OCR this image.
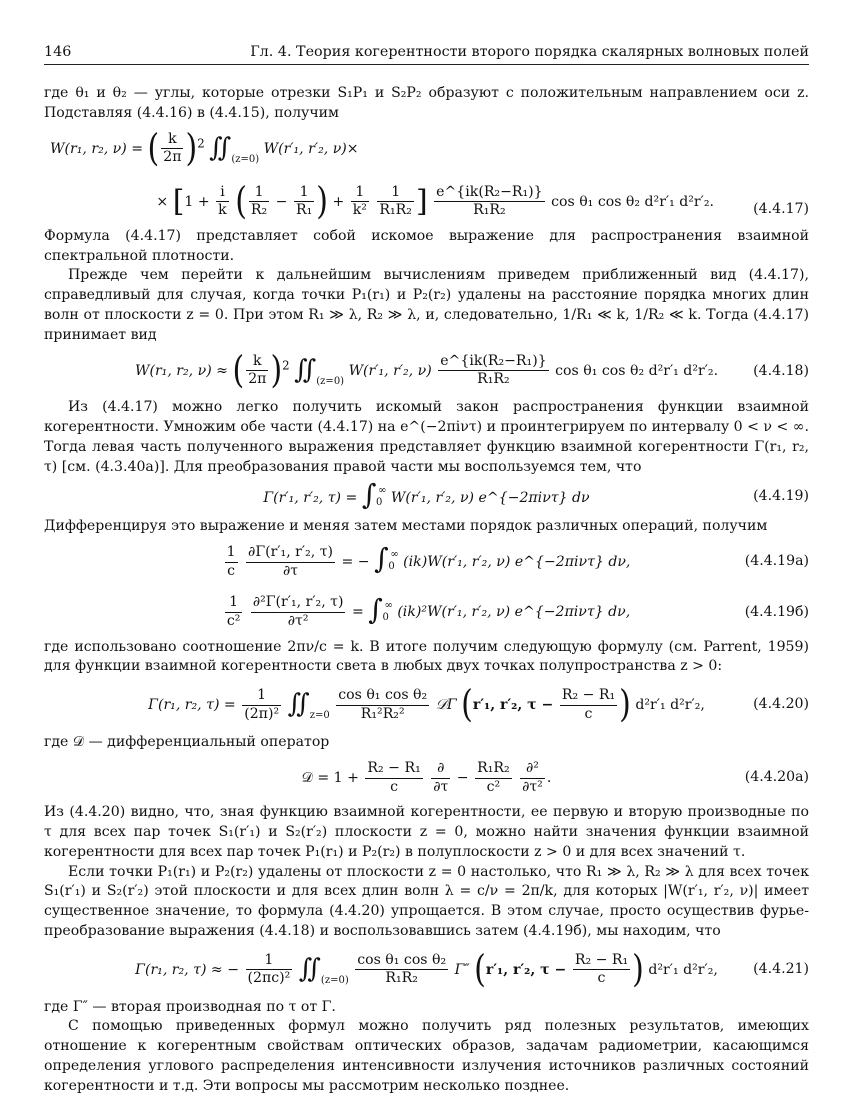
146	Гл. 4. Теория когерентности второго порядка скалярных волновых полей

где θ₁ и θ₂ — углы, которые отрезки S₁P₁ и S₂P₂ образуют с положительным направлением оси z. Подставляя (4.4.16) в (4.4.15), получим

W(r₁, r₂, ν) = ( $\frac{k}{2\pi} )^2$ $∬_{(z=0)}$ W(r′₁, r′₂, ν)×
× [$1 + \frac{i}{k}$ ( $\frac{1}{\text{R₂}} - \frac{1}{\text{R₁}}$ ) + $\frac{1}{\text{k²}}$
$\frac{1}{\text{R₁R₂}}$ ] $\frac{\text{e\textasciicircum{}\{ik(R₂−R₁)\}}}{\text{R₁R₂}}$ cos θ₁ cos θ₂ d²r′₁ d²r′₂.	(4.4.17)

Формула (4.4.17) представляет собой искомое выражение для распространения взаимной спектральной плотности.

Прежде чем перейти к дальнейшим вычислениям приведем приближенный вид (4.4.17), справедливый для случая, когда точки P₁(r₁) и P₂(r₂) удалены на расстояние порядка многих длин волн от плоскости z = 0. При этом R₁ ≫ λ, R₂ ≫ λ, и, следовательно, 1/R₁ ≪ k, 1/R₂ ≪ k. Тогда (4.4.17) принимает вид

W(r₁, r₂, ν) ≈ ( $\frac{k}{2\pi} )^2$ $∬_{(z=0)}$ W(r′₁, r′₂, $\nu) \frac{\text{e\textasciicircum{}\{ik(R₂−R₁)\}}}{\text{R₁R₂}}$ cos θ₁ cos θ₂ d²r′₁ d²r′₂. (4.4.18)

Из (4.4.17) можно легко получить искомый закон распространения функции взаимной когерентности. Умножим обе части (4.4.17) на e^(−2πiντ) и проинтегрируем по интервалу 0 < ν < ∞. Тогда левая часть полученного выражения представляет функцию взаимной когерентности Γ(r₁, r₂, τ) [см. (4.3.40а)]. Для преобразования правой части мы воспользуемся тем, что

Γ(r′₁, r′₂, τ) = ∫ ∞
0 W(r′₁, r′₂, ν) e^{−2πiντ} dν	(4.4.19)

Дифференцируя это выражение и меняя затем местами порядок различных операций, получим

$\frac{1}{c}$
$\frac{\text{∂Γ(r′₁, r′₂, τ)}}{\partial\tau}$ = − ∫ ∞
0 (ik)W(r′₁, r′₂, ν) e^{−2πiντ} dν,	(4.4.19а)
$\frac{1}{\text{c²}}$
$\frac{\text{∂²Γ(r′₁, r′₂, τ)}}{\text{∂τ²}}$ = ∫ ∞
0 (ik)²W(r′₁, r′₂, ν) e^{−2πiντ} dν,	(4.4.19б)

где использовано соотношение 2πν/c = k. В итоге получим следующую формулу (см. Parrent, 1959) для функции взаимной когерентности света в любых двух точках полупространства z > 0:

Γ(r₁, r₂, $\tau) = \frac{1}{\text{(2π)²}}$ $∬_{z=0} \frac{\text{cos θ₁ cos θ₂}}{\text{R₁²R₂²}}$ 𝒟Γ (r′₁, r′₂, $\tau - \frac{\text{R₂ − R₁}}{c}$ ) d²r′₁ d²r′₂,	(4.4.20)

где 𝒟 — дифференциальный оператор

𝒟 = $1 + \frac{\text{R₂ − R₁}}{c}$
$\frac{\partial}{\partial\tau} - \frac{\text{R₁R₂}}{\text{c²}}$
$\frac{\text{∂²}}{\text{∂τ²}}$ .	(4.4.20а)

Из (4.4.20) видно, что, зная функцию взаимной когерентности, ее первую и вторую производные по τ для всех пар точек S₁(r′₁) и S₂(r′₂) плоскости z = 0, можно найти значения функции взаимной когерентности для всех пар точек P₁(r₁) и P₂(r₂) в полуплоскости z > 0 и для всех значений τ.

Если точки P₁(r₁) и P₂(r₂) удалены от плоскости z = 0 настолько, что R₁ ≫ λ, R₂ ≫ λ для всех точек S₁(r′₁) и S₂(r′₂) этой плоскости и для всех длин волн λ = c/ν = 2π/k, для которых |W(r′₁, r′₂, ν)| имеет существенное значение, то формула (4.4.20) упрощается. В этом случае, просто осуществив фурье-преобразование выражения (4.4.18) и воспользовавшись затем (4.4.19б), мы находим, что

Γ(r₁, r₂, τ) ≈ − $\frac{1}{\text{(2πc)²}}$ $∬_{(z=0)} \frac{\text{cos θ₁ cos θ₂}}{\text{R₁R₂}} \Gamma''$ (r′₁, r′₂, $\tau - \frac{\text{R₂ − R₁}}{c}$ ) d²r′₁ d²r′₂,	(4.4.21)

где Γ″ — вторая производная по τ от Γ.

С помощью приведенных формул можно получить ряд полезных результатов, имеющих отношение к когерентным свойствам оптических образов, задачам радиометрии, касающимся определения углового распределения интенсивности излучения источников различных состояний когерентности и т.д. Эти вопросы мы рассмотрим несколько позднее.
